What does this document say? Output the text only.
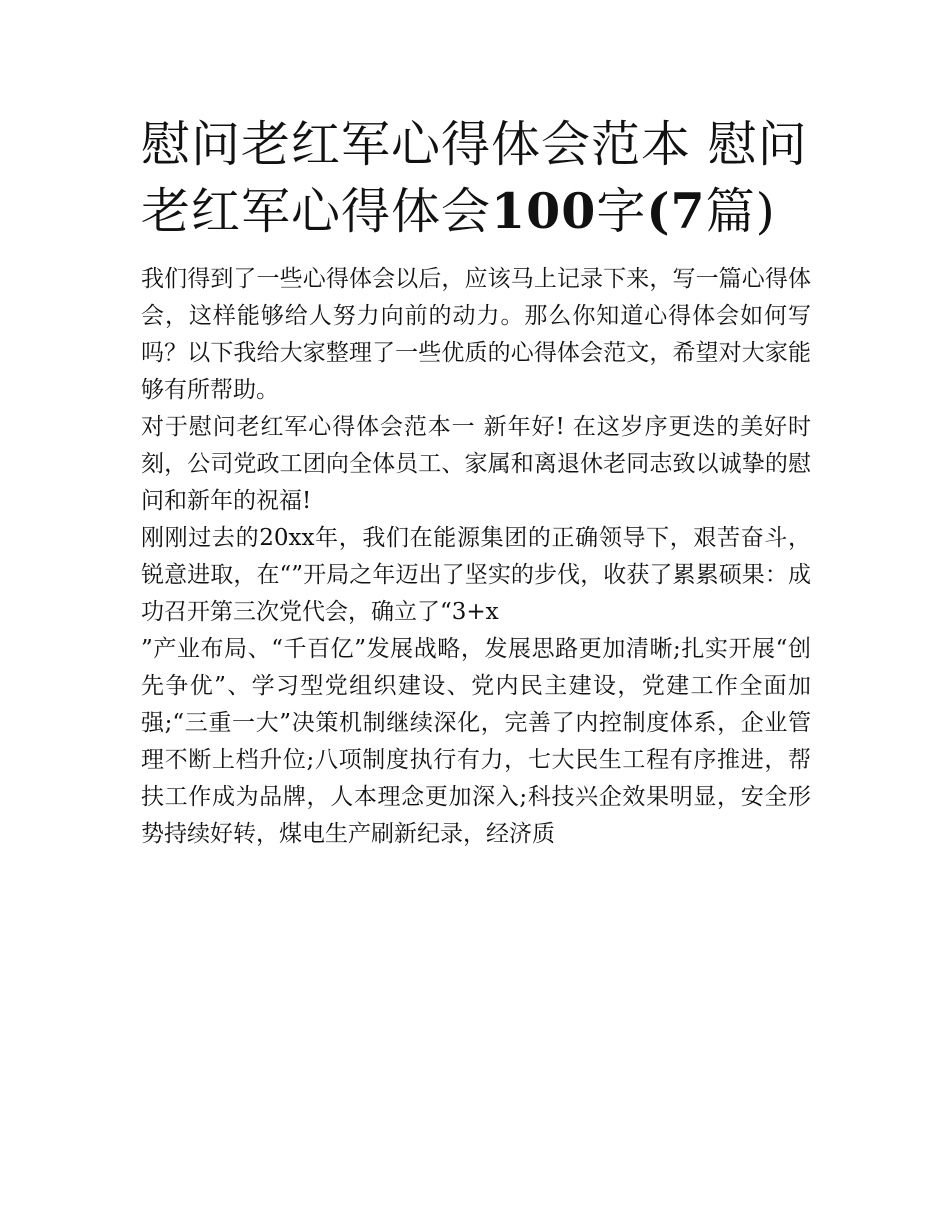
慰问老红军心得体会范本 慰问老红军心得体会100字(7篇)

我们得到了一些心得体会以后，应该马上记录下来，写一篇心得体会，这样能够给人努力向前的动力。那么你知道心得体会如何写吗？以下我给大家整理了一些优质的心得体会范文，希望对大家能够有所帮助。

对于慰问老红军心得体会范本一 新年好! 在这岁序更迭的美好时刻，公司党政工团向全体员工、家属和离退休老同志致以诚挚的慰问和新年的祝福!

刚刚过去的20xx年，我们在能源集团的正确领导下，艰苦奋斗，锐意进取，在“”开局之年迈出了坚实的步伐，收获了累累硕果：成功召开第三次党代会，确立了“3+x

”产业布局、“千百亿”发展战略，发展思路更加清晰;扎实开展“创先争优”、学习型党组织建设、党内民主建设，党建工作全面加强;“三重一大”决策机制继续深化，完善了内控制度体系，企业管理不断上档升位;八项制度执行有力，七大民生工程有序推进，帮扶工作成为品牌，人本理念更加深入;科技兴企效果明显，安全形势持续好转，煤电生产刷新纪录，经济质
